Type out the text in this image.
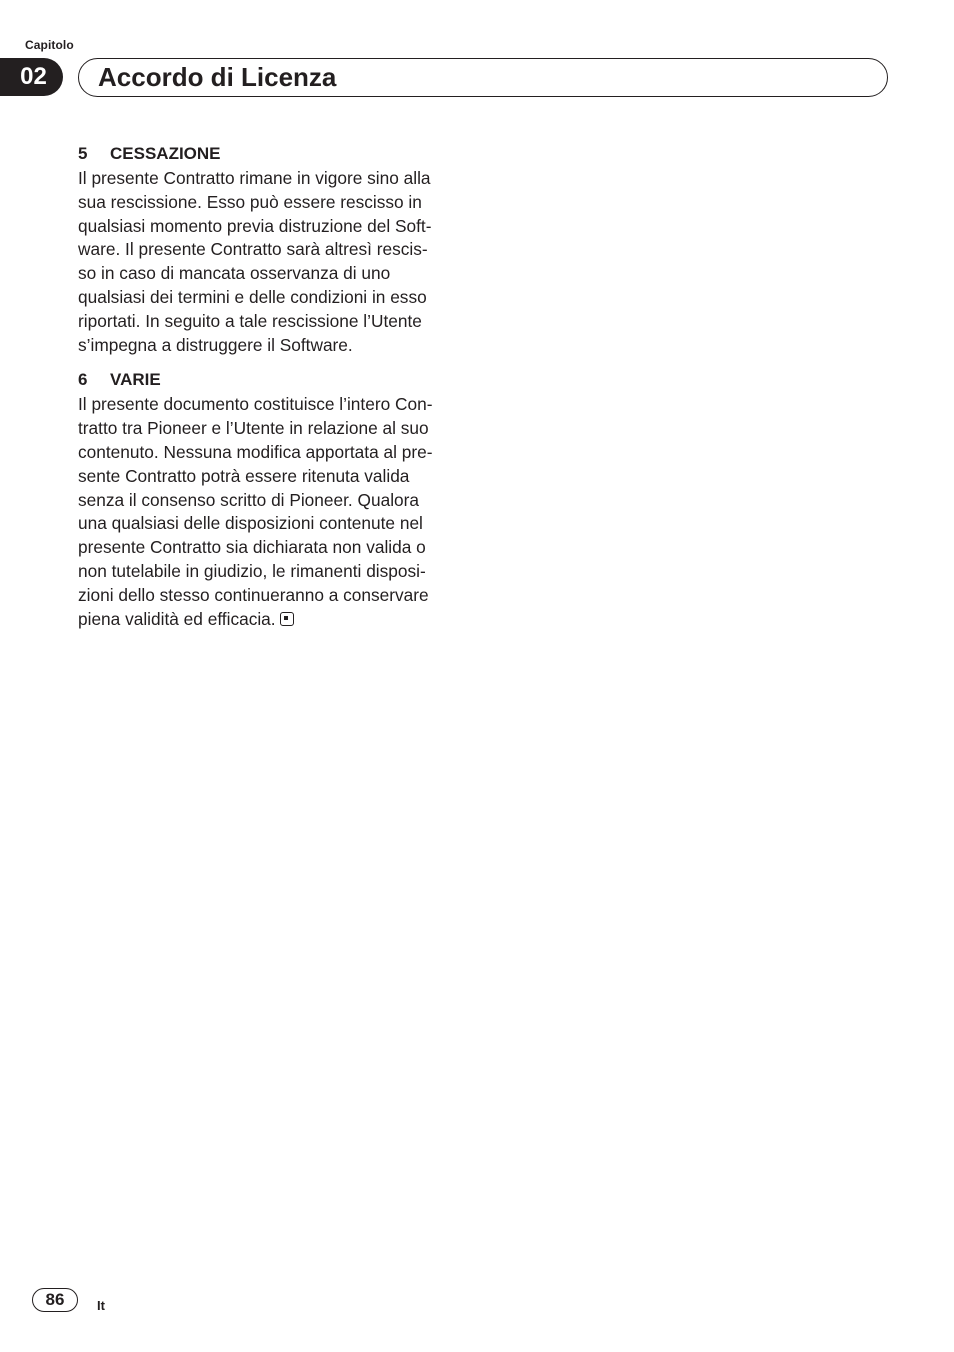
Capitolo
02	Accordo di Licenza
5 CESSAZIONE

Il presente Contratto rimane in vigore sino alla
sua rescissione. Esso può essere rescisso in
qualsiasi momento previa distruzione del Soft-
ware. Il presente Contratto sarà altresì rescis-
so in caso di mancata osservanza di uno
qualsiasi dei termini e delle condizioni in esso
riportati. In seguito a tale rescissione l’Utente
s’impegna a distruggere il Software.

6 VARIE

Il presente documento costituisce l’intero Con-
tratto tra Pioneer e l’Utente in relazione al suo
contenuto. Nessuna modifica apportata al pre-
sente Contratto potrà essere ritenuta valida
senza il consenso scritto di Pioneer. Qualora
una qualsiasi delle disposizioni contenute nel
presente Contratto sia dichiarata non valida o
non tutelabile in giudizio, le rimanenti disposi-
zioni dello stesso continueranno a conservare
piena validità ed efficacia.

86	It
